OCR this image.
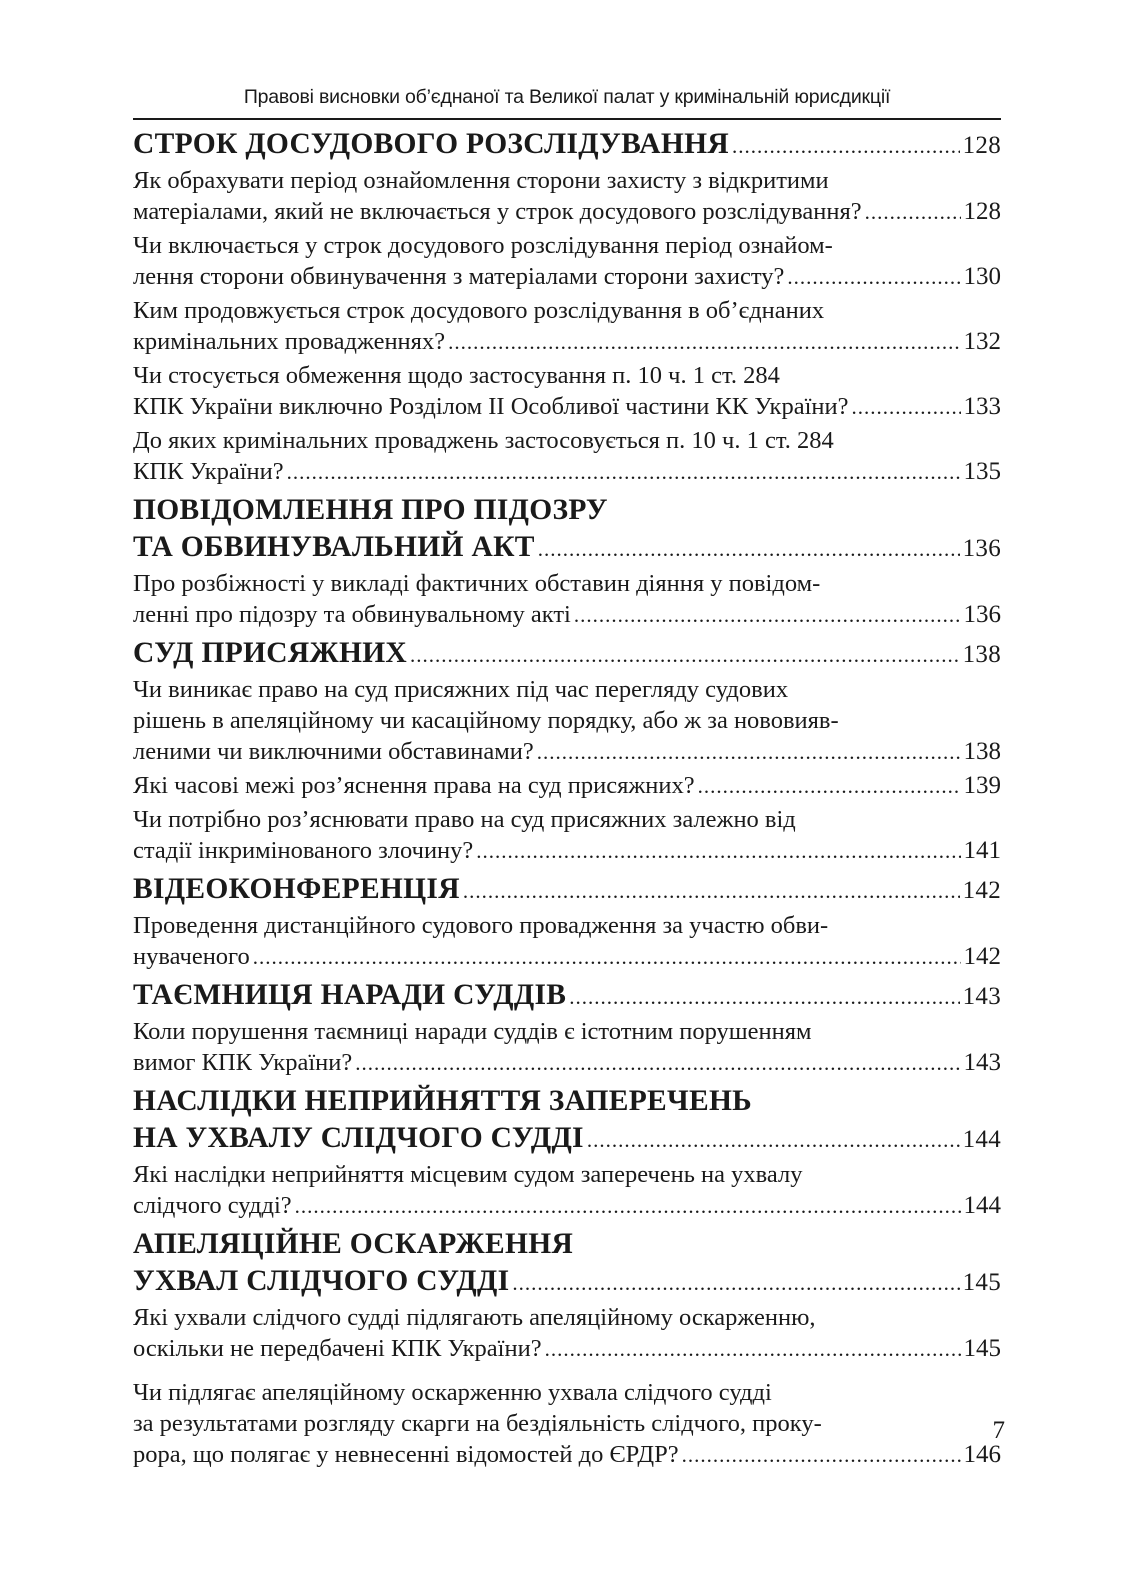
Правові висновки об’єднаної та Великої палат у кримінальній юрисдикції
СТРОК ДОСУДОВОГО РОЗСЛІДУВАННЯ .....	128
Як обрахувати період ознайомлення сторони захисту з відкритими
матеріалами, який не включається у строк досудового розслідування? .....	128
Чи включається у строк досудового розслідування період ознайом-
лення сторони обвинувачення з матеріалами сторони захисту? .....	130
Ким продовжується строк досудового розслідування в об’єднаних
кримінальних провадженнях? .....	132
Чи стосується обмеження щодо застосування п. 10 ч. 1 ст. 284
КПК України виключно Розділом ІІ Особливої частини КК України? .....	133
До яких кримінальних проваджень застосовується п. 10 ч. 1 ст. 284
КПК України? .....	135
ПОВІДОМЛЕННЯ ПРО ПІДОЗРУ
ТА ОБВИНУВАЛЬНИЙ АКТ .....	136
Про розбіжності у викладі фактичних обставин діяння у повідом-
ленні про підозру та обвинувальному акті .....	136
СУД ПРИСЯЖНИХ .....	138
Чи виникає право на суд присяжних під час перегляду судових
рішень в апеляційному чи касаційному порядку, або ж за нововияв-
леними чи виключними обставинами? .....	138
Які часові межі роз’яснення права на суд присяжних? .....	139
Чи потрібно роз’яснювати право на суд присяжних залежно від
стадії інкримінованого злочину? .....	141
ВІДЕОКОНФЕРЕНЦІЯ .....	142
Проведення дистанційного судового провадження за участю обви-
нуваченого .....	142
ТАЄМНИЦЯ НАРАДИ СУДДІВ .....	143
Коли порушення таємниці наради суддів є істотним порушенням
вимог КПК України? .....	143
НАСЛІДКИ НЕПРИЙНЯТТЯ ЗАПЕРЕЧЕНЬ
НА УХВАЛУ СЛІДЧОГО СУДДІ .....	144
Які наслідки неприйняття місцевим судом заперечень на ухвалу
слідчого судді? .....	144
АПЕЛЯЦІЙНЕ ОСКАРЖЕННЯ
УХВАЛ СЛІДЧОГО СУДДІ .....	145
Які ухвали слідчого судді підлягають апеляційному оскарженню,
оскільки не передбачені КПК України? .....	145
Чи підлягає апеляційному оскарженню ухвала слідчого судді
за результатами розгляду скарги на бездіяльність слідчого, проку-
рора, що полягає у невнесенні відомостей до ЄРДР? .....	146
7
